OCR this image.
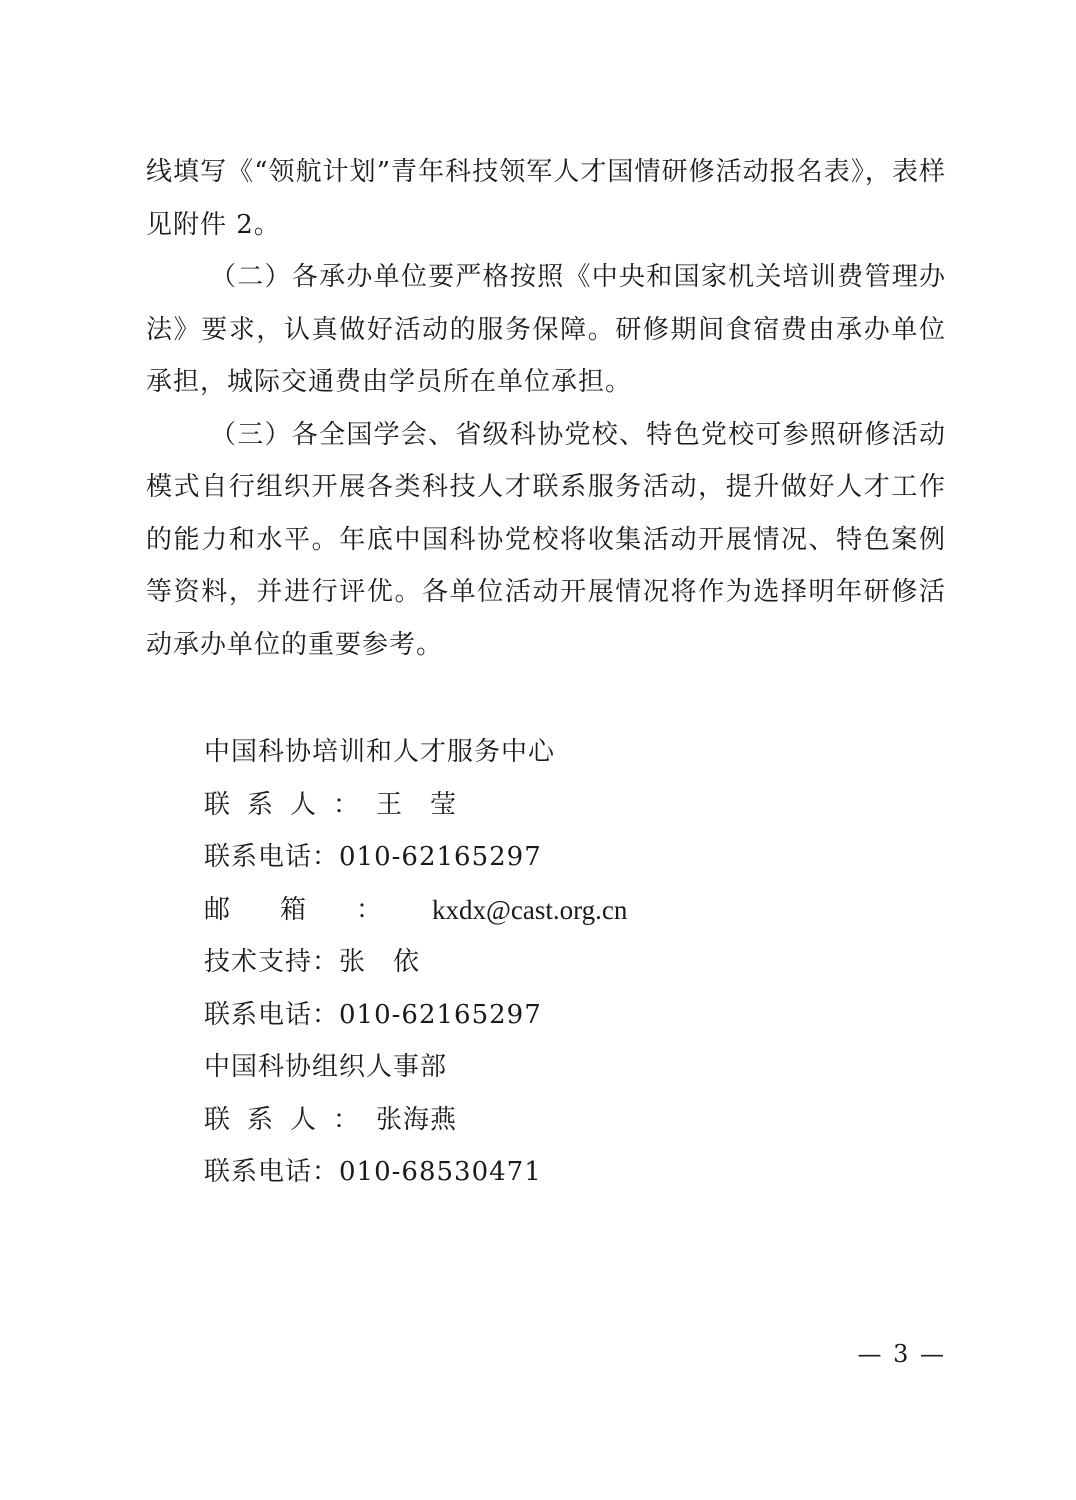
线填写《“领航计划”青年科技领军人才国情研修活动报名表》，表样见附件 2。

（二）各承办单位要严格按照《中央和国家机关培训费管理办法》要求，认真做好活动的服务保障。研修期间食宿费由承办单位承担，城际交通费由学员所在单位承担。

（三）各全国学会、省级科协党校、特色党校可参照研修活动模式自行组织开展各类科技人才联系服务活动，提升做好人才工作的能力和水平。年底中国科协党校将收集活动开展情况、特色案例等资料，并进行评优。各单位活动开展情况将作为选择明年研修活动承办单位的重要参考。

中国科协培训和人才服务中心
联系人： 王　莹
联系电话： 010-62165297
邮箱： kxdx@cast.org.cn
技术支持： 张　依
联系电话： 010-62165297
中国科协组织人事部
联系人： 张海燕
联系电话： 010-68530471
— 3 —
